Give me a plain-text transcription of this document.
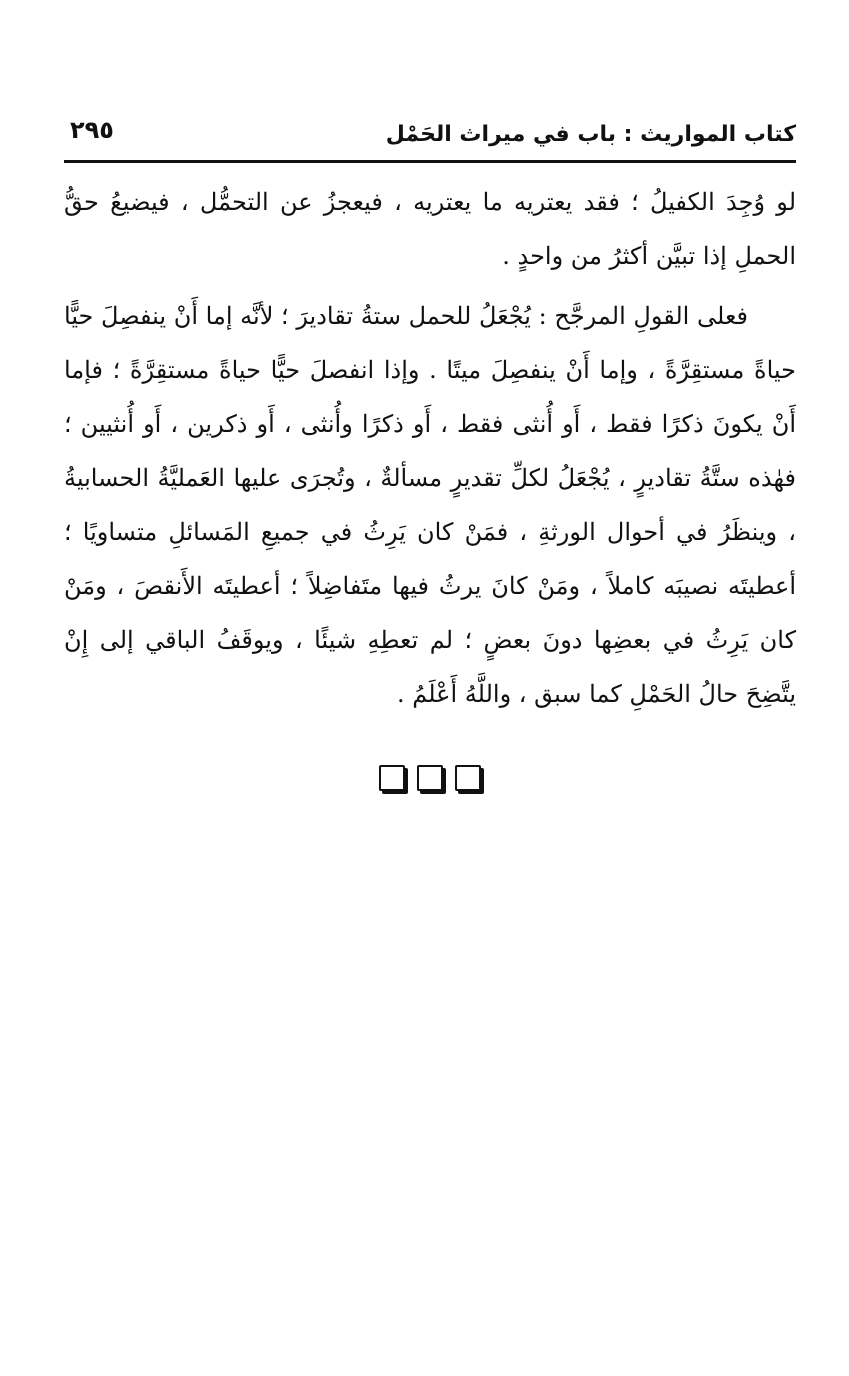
كتاب المواريث : باب في ميراث الحَمْل
٢٩٥

لو وُجِدَ الكفيلُ ؛ فقد يعتريه ما يعتريه ، فيعجزُ عن التحمُّل ، فيضيعُ حقُّ الحملِ إذا تبيَّن أكثرُ من واحدٍ .

فعلى القولِ المرجَّح : يُجْعَلُ للحمل ستةُ تقاديرَ ؛ لأنَّه إما أَنْ ينفصِلَ حيًّا حياةً مستقِرَّةً ، وإما أَنْ ينفصِلَ ميتًا . وإذا انفصلَ حيًّا حياةً مستقِرَّةً ؛ فإما أَنْ يكونَ ذكرًا فقط ، أَو أُنثى فقط ، أَو ذكرًا وأُنثى ، أَو ذكرين ، أَو أُنثيين ؛ فهٰذه ستَّةُ تقاديرٍ ، يُجْعَلُ لكلِّ تقديرٍ مسألةٌ ، وتُجرَى عليها العَمليَّةُ الحسابيةُ ، وينظَرُ في أحوال الورثةِ ، فمَنْ كان يَرِثُ في جميعِ المَسائلِ متساويًا ؛ أعطيتَه نصيبَه كاملاً ، ومَنْ كانَ يرثُ فيها متَفاضِلاً ؛ أعطيتَه الأَنقصَ ، ومَنْ كان يَرِثُ في بعضِها دونَ بعضٍ ؛ لم تعطِهِ شيئًا ، ويوقَفُ الباقي إلى إِنْ يتَّضِحَ حالُ الحَمْلِ كما سبق ، واللَّهُ أَعْلَمُ .
